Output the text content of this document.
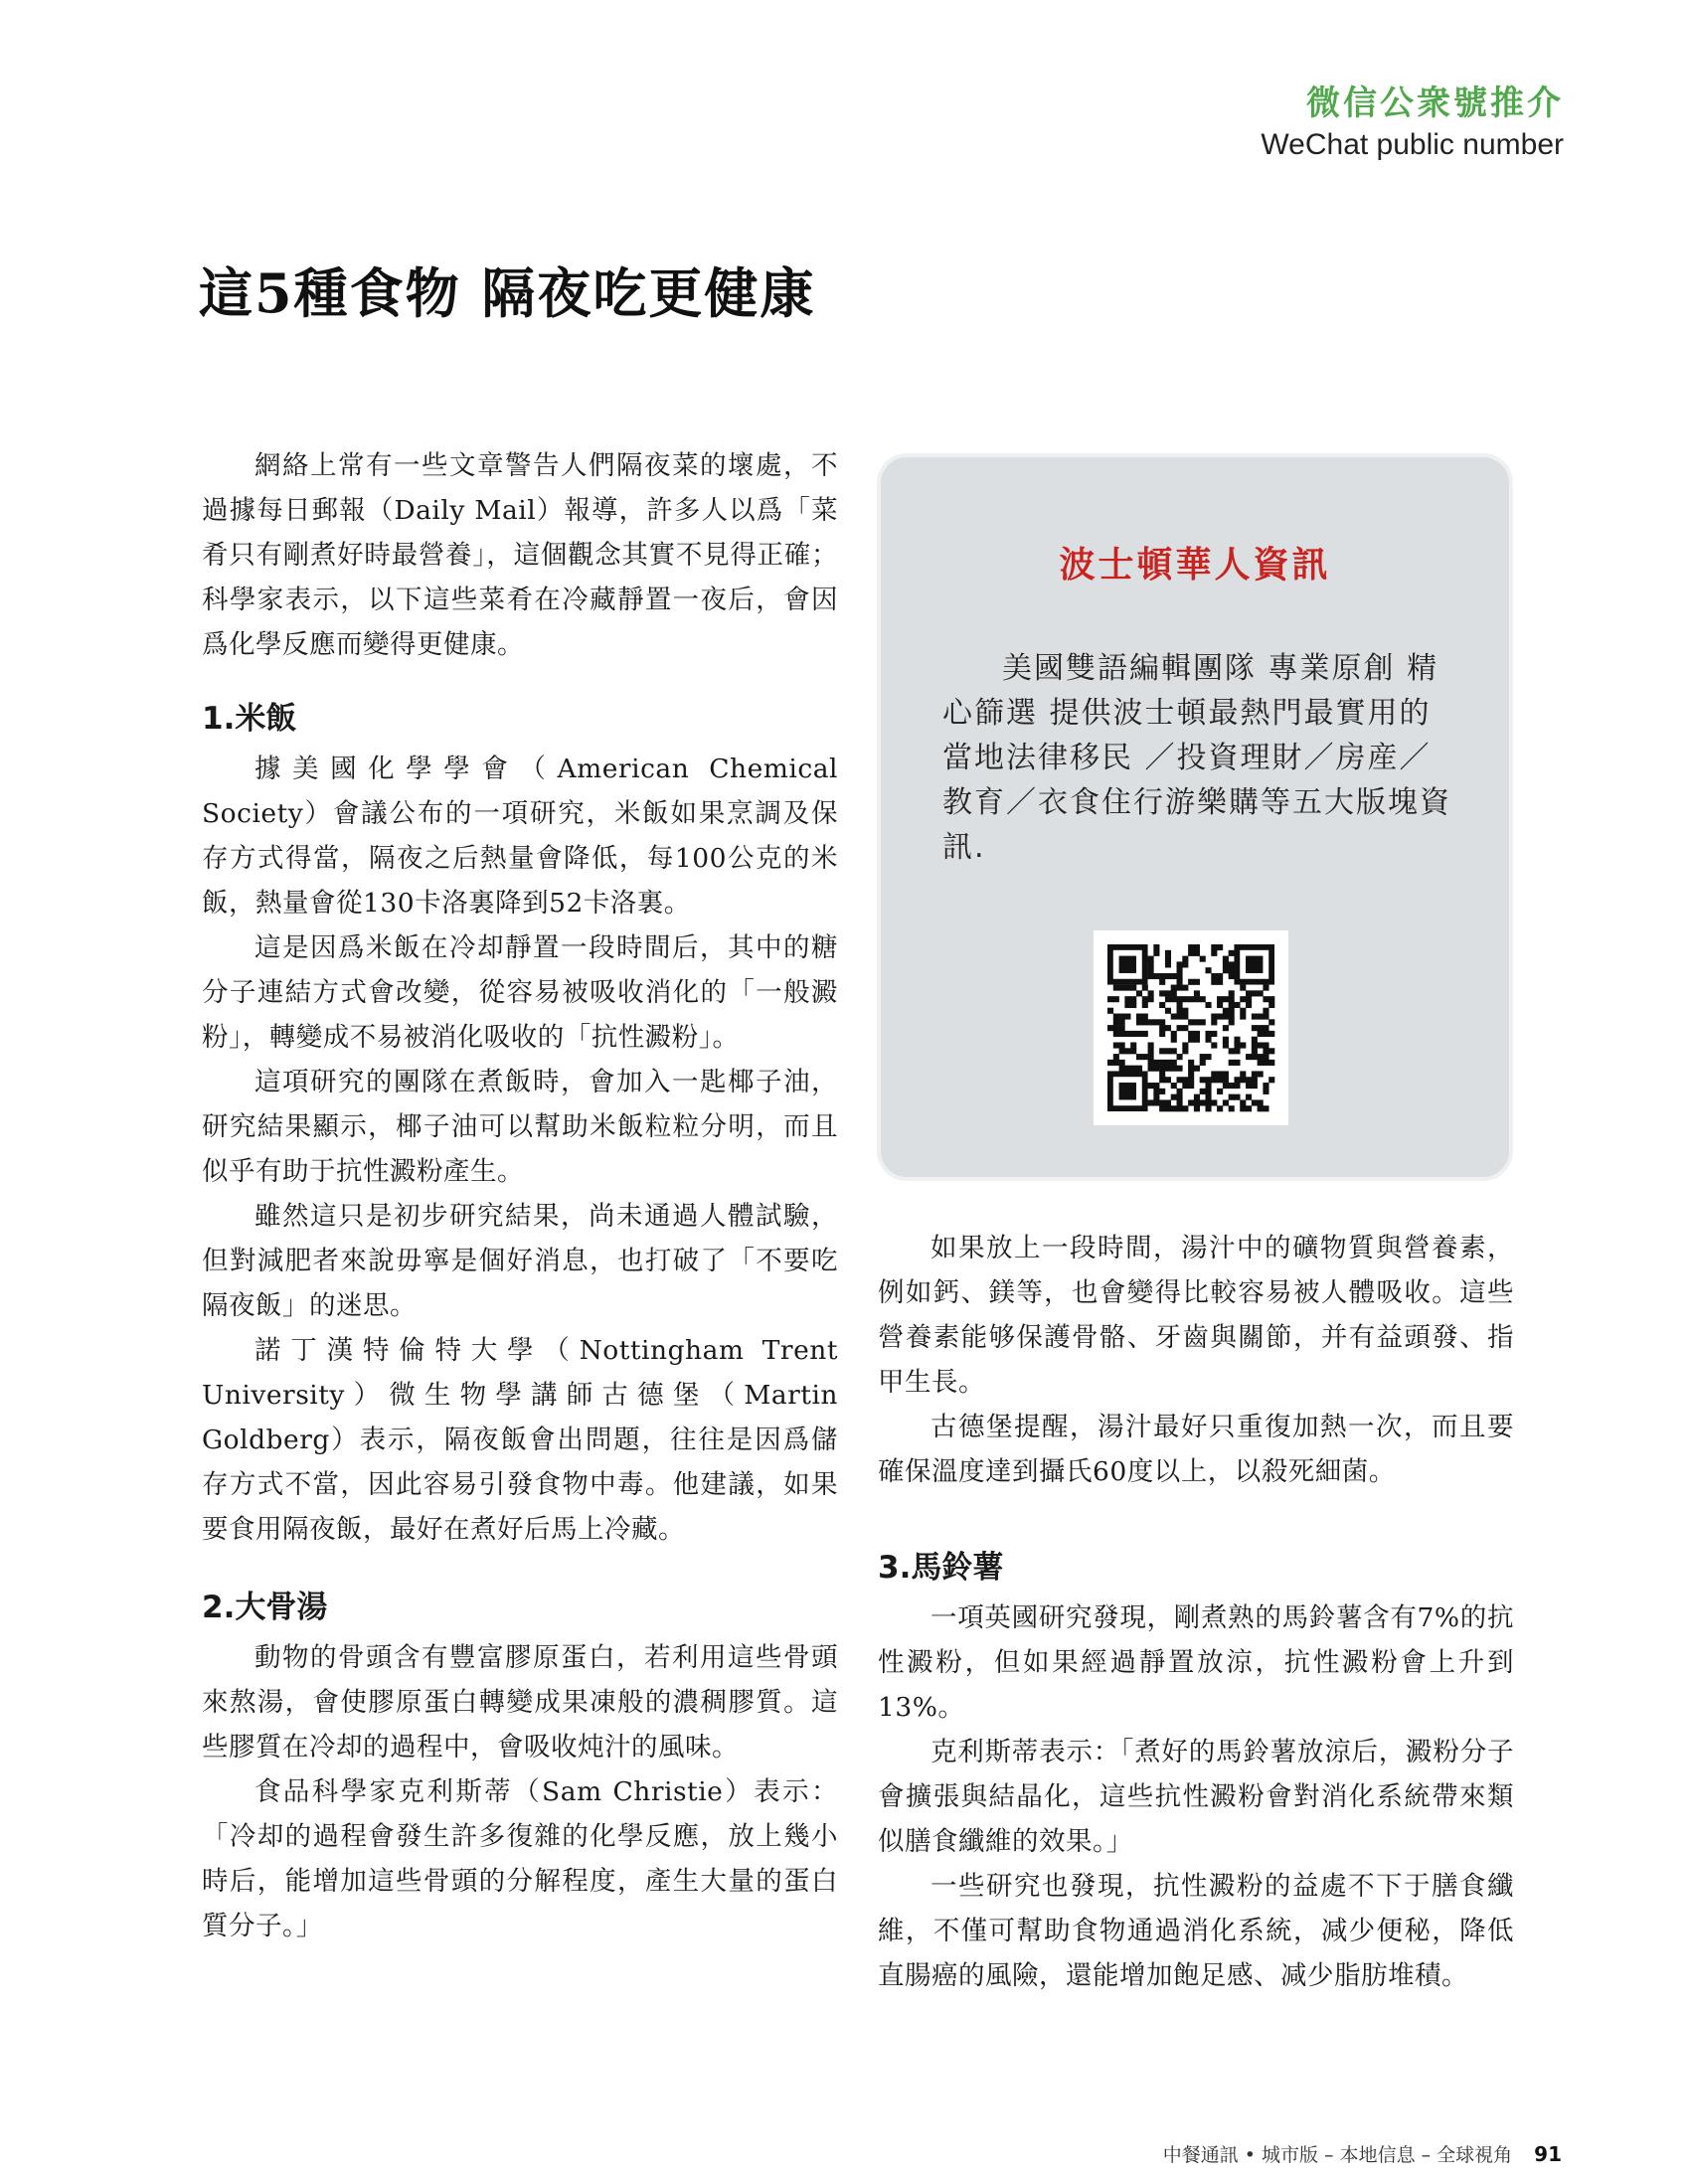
微信公衆號推介
WeChat public number
這5種食物 隔夜吃更健康

網絡上常有一些文章警告人們隔夜菜的壞處，不過據每日郵報（Daily Mail）報導，許多人以爲「菜肴只有剛煮好時最營養」，這個觀念其實不見得正確；科學家表示，以下這些菜肴在冷藏靜置一夜后，會因爲化學反應而變得更健康。

1.米飯

據美國化學學會（American Chemical Society）會議公布的一項研究，米飯如果烹調及保存方式得當，隔夜之后熱量會降低，每100公克的米飯，熱量會從130卡洛裏降到52卡洛裏。

這是因爲米飯在冷却靜置一段時間后，其中的糖分子連結方式會改變，從容易被吸收消化的「一般澱粉」，轉變成不易被消化吸收的「抗性澱粉」。

這項研究的團隊在煮飯時，會加入一匙椰子油，研究結果顯示，椰子油可以幫助米飯粒粒分明，而且似乎有助于抗性澱粉產生。

雖然這只是初步研究結果，尚未通過人體試驗，但對減肥者來說毋寧是個好消息，也打破了「不要吃隔夜飯」的迷思。

諾丁漢特倫特大學（Nottingham Trent University）微生物學講師古德堡（Martin Goldberg）表示，隔夜飯會出問題，往往是因爲儲存方式不當，因此容易引發食物中毒。他建議，如果要食用隔夜飯，最好在煮好后馬上冷藏。

2.大骨湯

動物的骨頭含有豐富膠原蛋白，若利用這些骨頭來熬湯，會使膠原蛋白轉變成果凍般的濃稠膠質。這些膠質在冷却的過程中，會吸收炖汁的風味。

食品科學家克利斯蒂（Sam Christie）表示：「冷却的過程會發生許多復雜的化學反應，放上幾小時后，能增加這些骨頭的分解程度，產生大量的蛋白質分子。」

波士頓華人資訊

美國雙語編輯團隊 專業原創 精心篩選 提供波士頓最熱門最實用的當地法律移民 ／投資理財／房産／教育／衣食住行游樂購等五大版塊資訊.

如果放上一段時間，湯汁中的礦物質與營養素，例如鈣、鎂等，也會變得比較容易被人體吸收。這些營養素能够保護骨骼、牙齒與關節，并有益頭發、指甲生長。

古德堡提醒，湯汁最好只重復加熱一次，而且要確保溫度達到攝氏60度以上，以殺死細菌。

3.馬鈴薯

一項英國研究發現，剛煮熟的馬鈴薯含有7%的抗性澱粉，但如果經過靜置放涼，抗性澱粉會上升到13%。

克利斯蒂表示：「煮好的馬鈴薯放涼后，澱粉分子會擴張與結晶化，這些抗性澱粉會對消化系統帶來類似膳食纖維的效果。」

一些研究也發現，抗性澱粉的益處不下于膳食纖維，不僅可幫助食物通過消化系統，减少便秘，降低直腸癌的風險，還能增加飽足感、减少脂肪堆積。

中餐通訊 • 城市版 – 本地信息 – 全球視角 91
